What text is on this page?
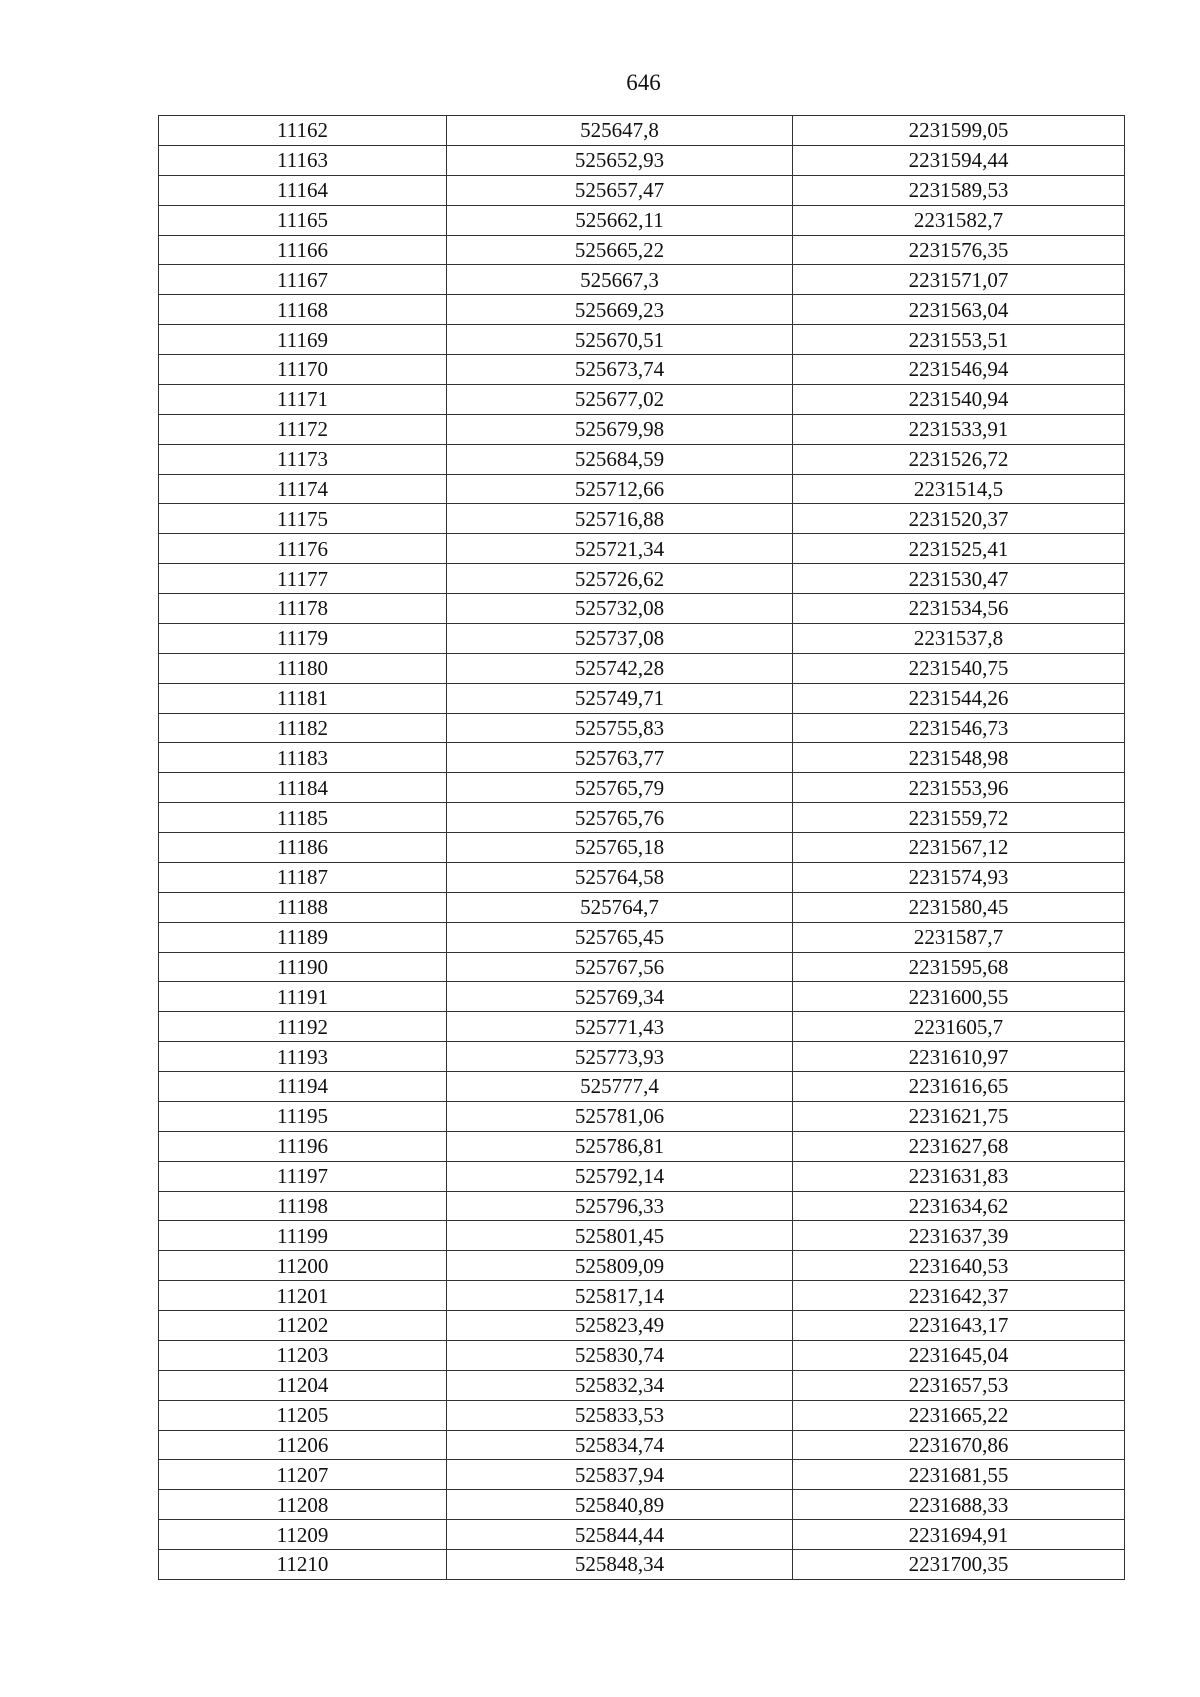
646
11162	525647,8	2231599,05
11163	525652,93	2231594,44
11164	525657,47	2231589,53
11165	525662,11	2231582,7
11166	525665,22	2231576,35
11167	525667,3	2231571,07
11168	525669,23	2231563,04
11169	525670,51	2231553,51
11170	525673,74	2231546,94
11171	525677,02	2231540,94
11172	525679,98	2231533,91
11173	525684,59	2231526,72
11174	525712,66	2231514,5
11175	525716,88	2231520,37
11176	525721,34	2231525,41
11177	525726,62	2231530,47
11178	525732,08	2231534,56
11179	525737,08	2231537,8
11180	525742,28	2231540,75
11181	525749,71	2231544,26
11182	525755,83	2231546,73
11183	525763,77	2231548,98
11184	525765,79	2231553,96
11185	525765,76	2231559,72
11186	525765,18	2231567,12
11187	525764,58	2231574,93
11188	525764,7	2231580,45
11189	525765,45	2231587,7
11190	525767,56	2231595,68
11191	525769,34	2231600,55
11192	525771,43	2231605,7
11193	525773,93	2231610,97
11194	525777,4	2231616,65
11195	525781,06	2231621,75
11196	525786,81	2231627,68
11197	525792,14	2231631,83
11198	525796,33	2231634,62
11199	525801,45	2231637,39
11200	525809,09	2231640,53
11201	525817,14	2231642,37
11202	525823,49	2231643,17
11203	525830,74	2231645,04
11204	525832,34	2231657,53
11205	525833,53	2231665,22
11206	525834,74	2231670,86
11207	525837,94	2231681,55
11208	525840,89	2231688,33
11209	525844,44	2231694,91
11210	525848,34	2231700,35
